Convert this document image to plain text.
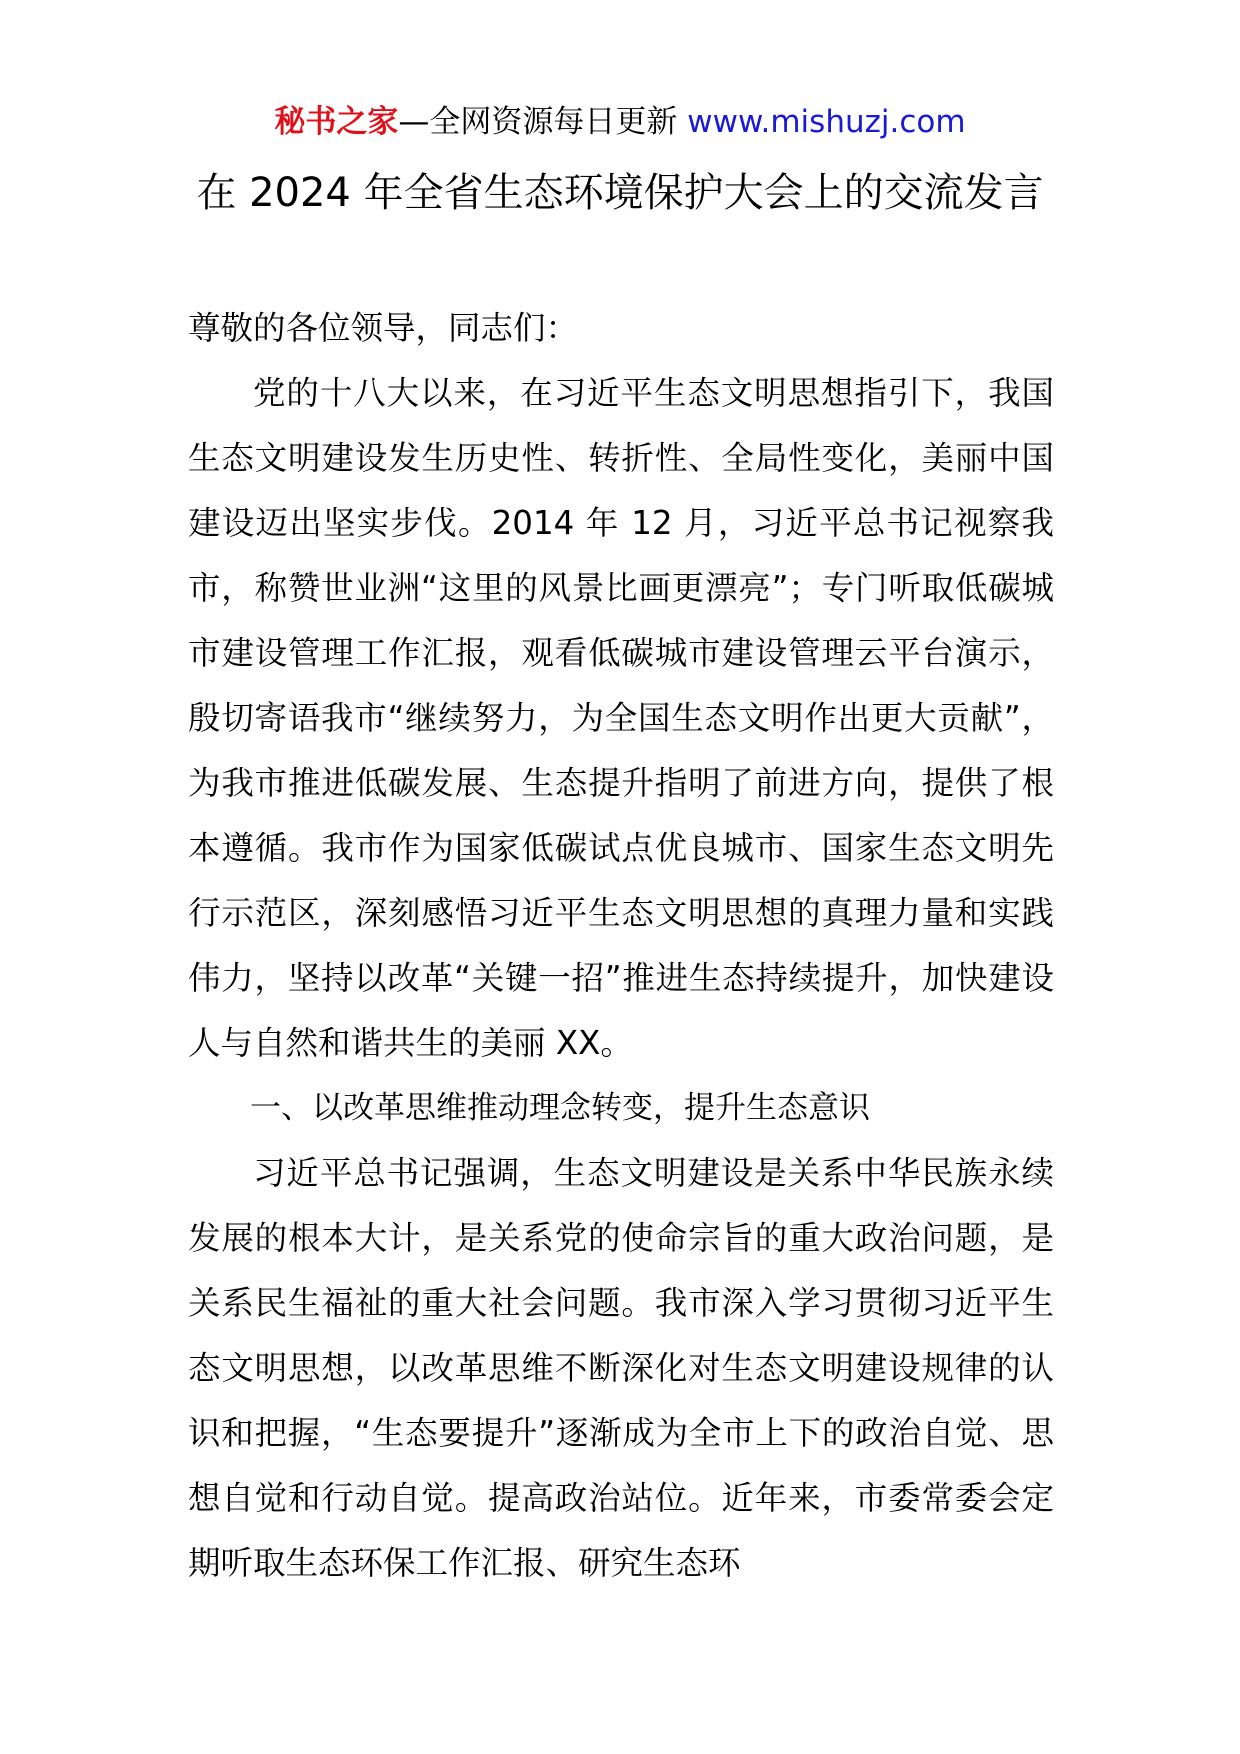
秘书之家—全网资源每日更新 www.mishuzj.com
在 2024 年全省生态环境保护大会上的交流发言

尊敬的各位领导，同志们：

党的十八大以来，在习近平生态文明思想指引下，我国生态文明建设发生历史性、转折性、全局性变化，美丽中国建设迈出坚实步伐。2014 年 12 月，习近平总书记视察我市，称赞世业洲“这里的风景比画更漂亮”；专门听取低碳城市建设管理工作汇报，观看低碳城市建设管理云平台演示，殷切寄语我市“继续努力，为全国生态文明作出更大贡献”，为我市推进低碳发展、生态提升指明了前进方向，提供了根本遵循。我市作为国家低碳试点优良城市、国家生态文明先行示范区，深刻感悟习近平生态文明思想的真理力量和实践伟力，坚持以改革“关键一招”推进生态持续提升，加快建设人与自然和谐共生的美丽 XX。

一、以改革思维推动理念转变，提升生态意识

习近平总书记强调，生态文明建设是关系中华民族永续发展的根本大计，是关系党的使命宗旨的重大政治问题，是关系民生福祉的重大社会问题。我市深入学习贯彻习近平生态文明思想，以改革思维不断深化对生态文明建设规律的认识和把握，“生态要提升”逐渐成为全市上下的政治自觉、思想自觉和行动自觉。提高政治站位。近年来，市委常委会定期听取生态环保工作汇报、研究生态环
